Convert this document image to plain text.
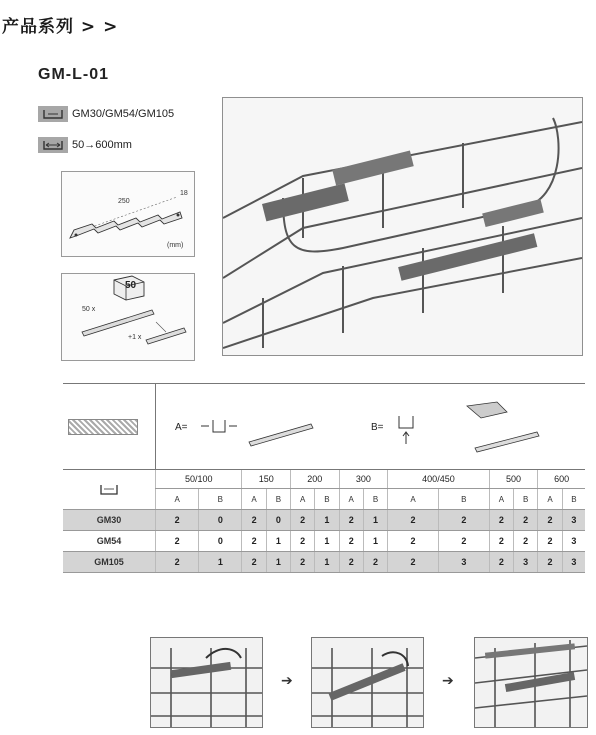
产品系列 > >
GM-L-01
GM30/GM54/GM105
50→600mm
250
18
(mm)
50
50 x
+1 x
A=	B=
	50/100		150		200		300		400/450		500		600	
	A	B	A	B	A	B	A	B	A	B	A	B	A	B
GM30	2	0	2	0	2	1	2	1	2	2	2	2	2	3
GM54	2	0	2	1	2	1	2	1	2	2	2	2	2	3
GM105	2	1	2	1	2	1	2	2	2	3	2	3	2	3
➔	➔
